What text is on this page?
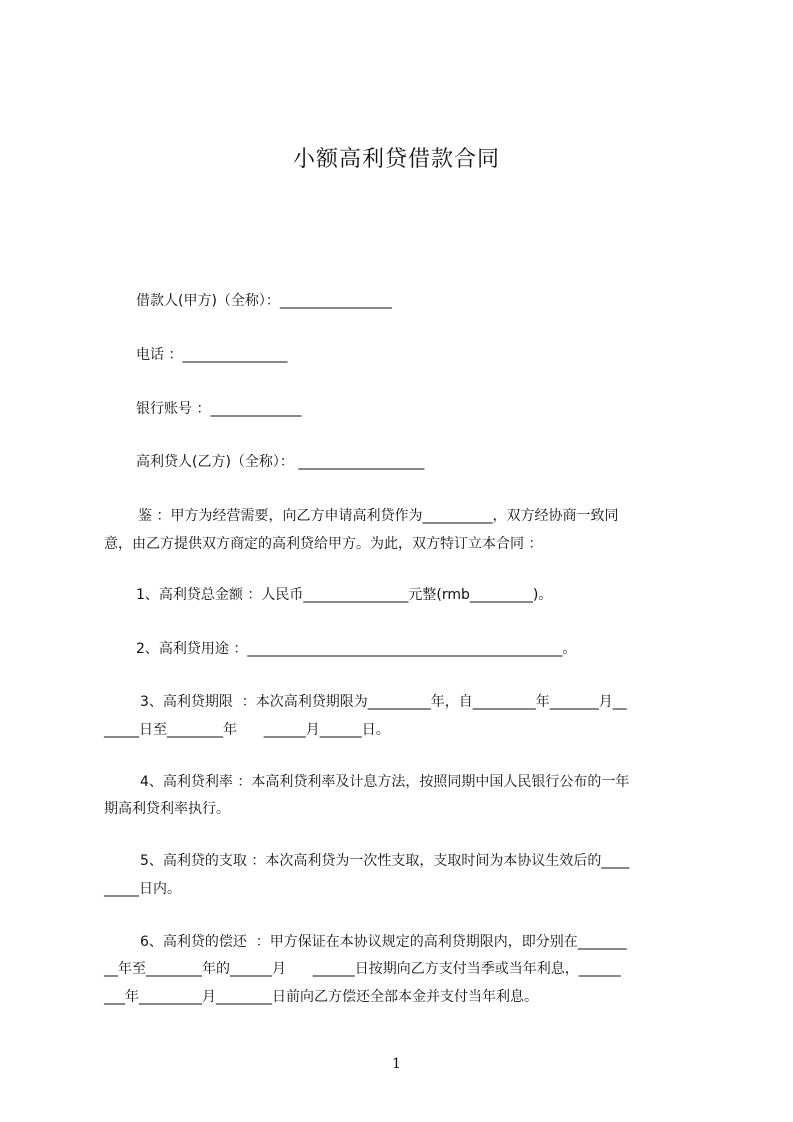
小额高利贷借款合同
借款人(甲方)（全称）：________________
电话 ：_______________
银行账号 ：_____________
高利贷人(乙方)（全称）： __________________
鉴 ：甲方为经营需要，向乙方申请高利贷作为__________，双方经协商一致同
意，由乙方提供双方商定的高利贷给甲方。为此，双方特订立本合同 ：
1、高利贷总金额 ：人民币_______________元整(rmb_________)。
2、高利贷用途 ：_____________________________________________。
3、高利贷期限  ：本次高利贷期限为_________年，自_________年_______月__
_____日至________年      ______月______日。
4、高利贷利率 ：本高利贷利率及计息方法，按照同期中国人民银行公布的一年
期高利贷利率执行。
5、高利贷的支取 ：本次高利贷为一次性支取，支取时间为本协议生效后的____
_____日内。
6、高利贷的偿还  ：甲方保证在本协议规定的高利贷期限内，即分别在_______
__年至________年的______月      ______日按期向乙方支付当季或当年利息，______
___年_________月________日前向乙方偿还全部本金并支付当年利息。
1
